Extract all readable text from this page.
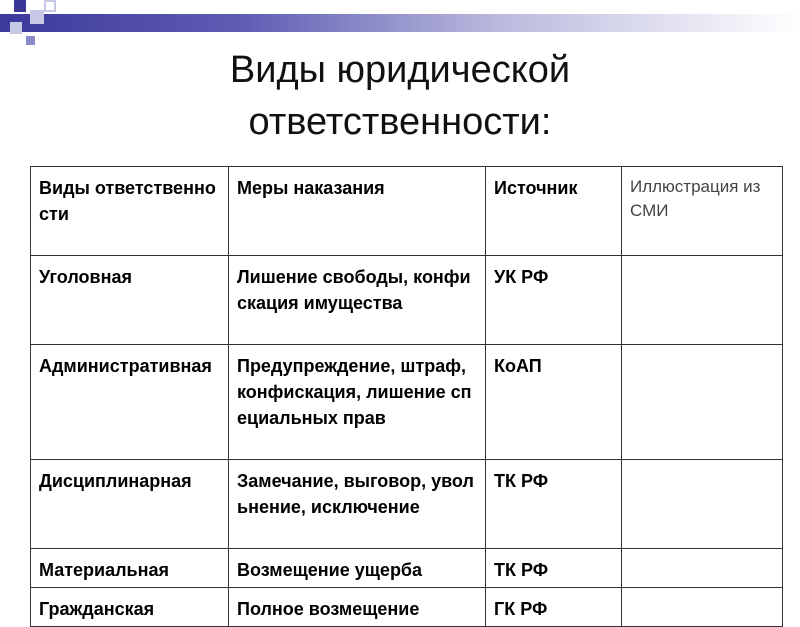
Виды юридической
ответственности:
Виды ответственности	Меры наказания	Источник	Иллюстрация из СМИ
Уголовная	Лишение свободы, конфискация имущества	УК РФ	
Административная	Предупреждение, штраф, конфискация, лишение специальных прав	КоАП	
Дисциплинарная	Замечание, выговор, увольнение, исключение	ТК РФ	
Материальная	Возмещение ущерба	ТК РФ	
Гражданская	Полное возмещение	ГК РФ	
